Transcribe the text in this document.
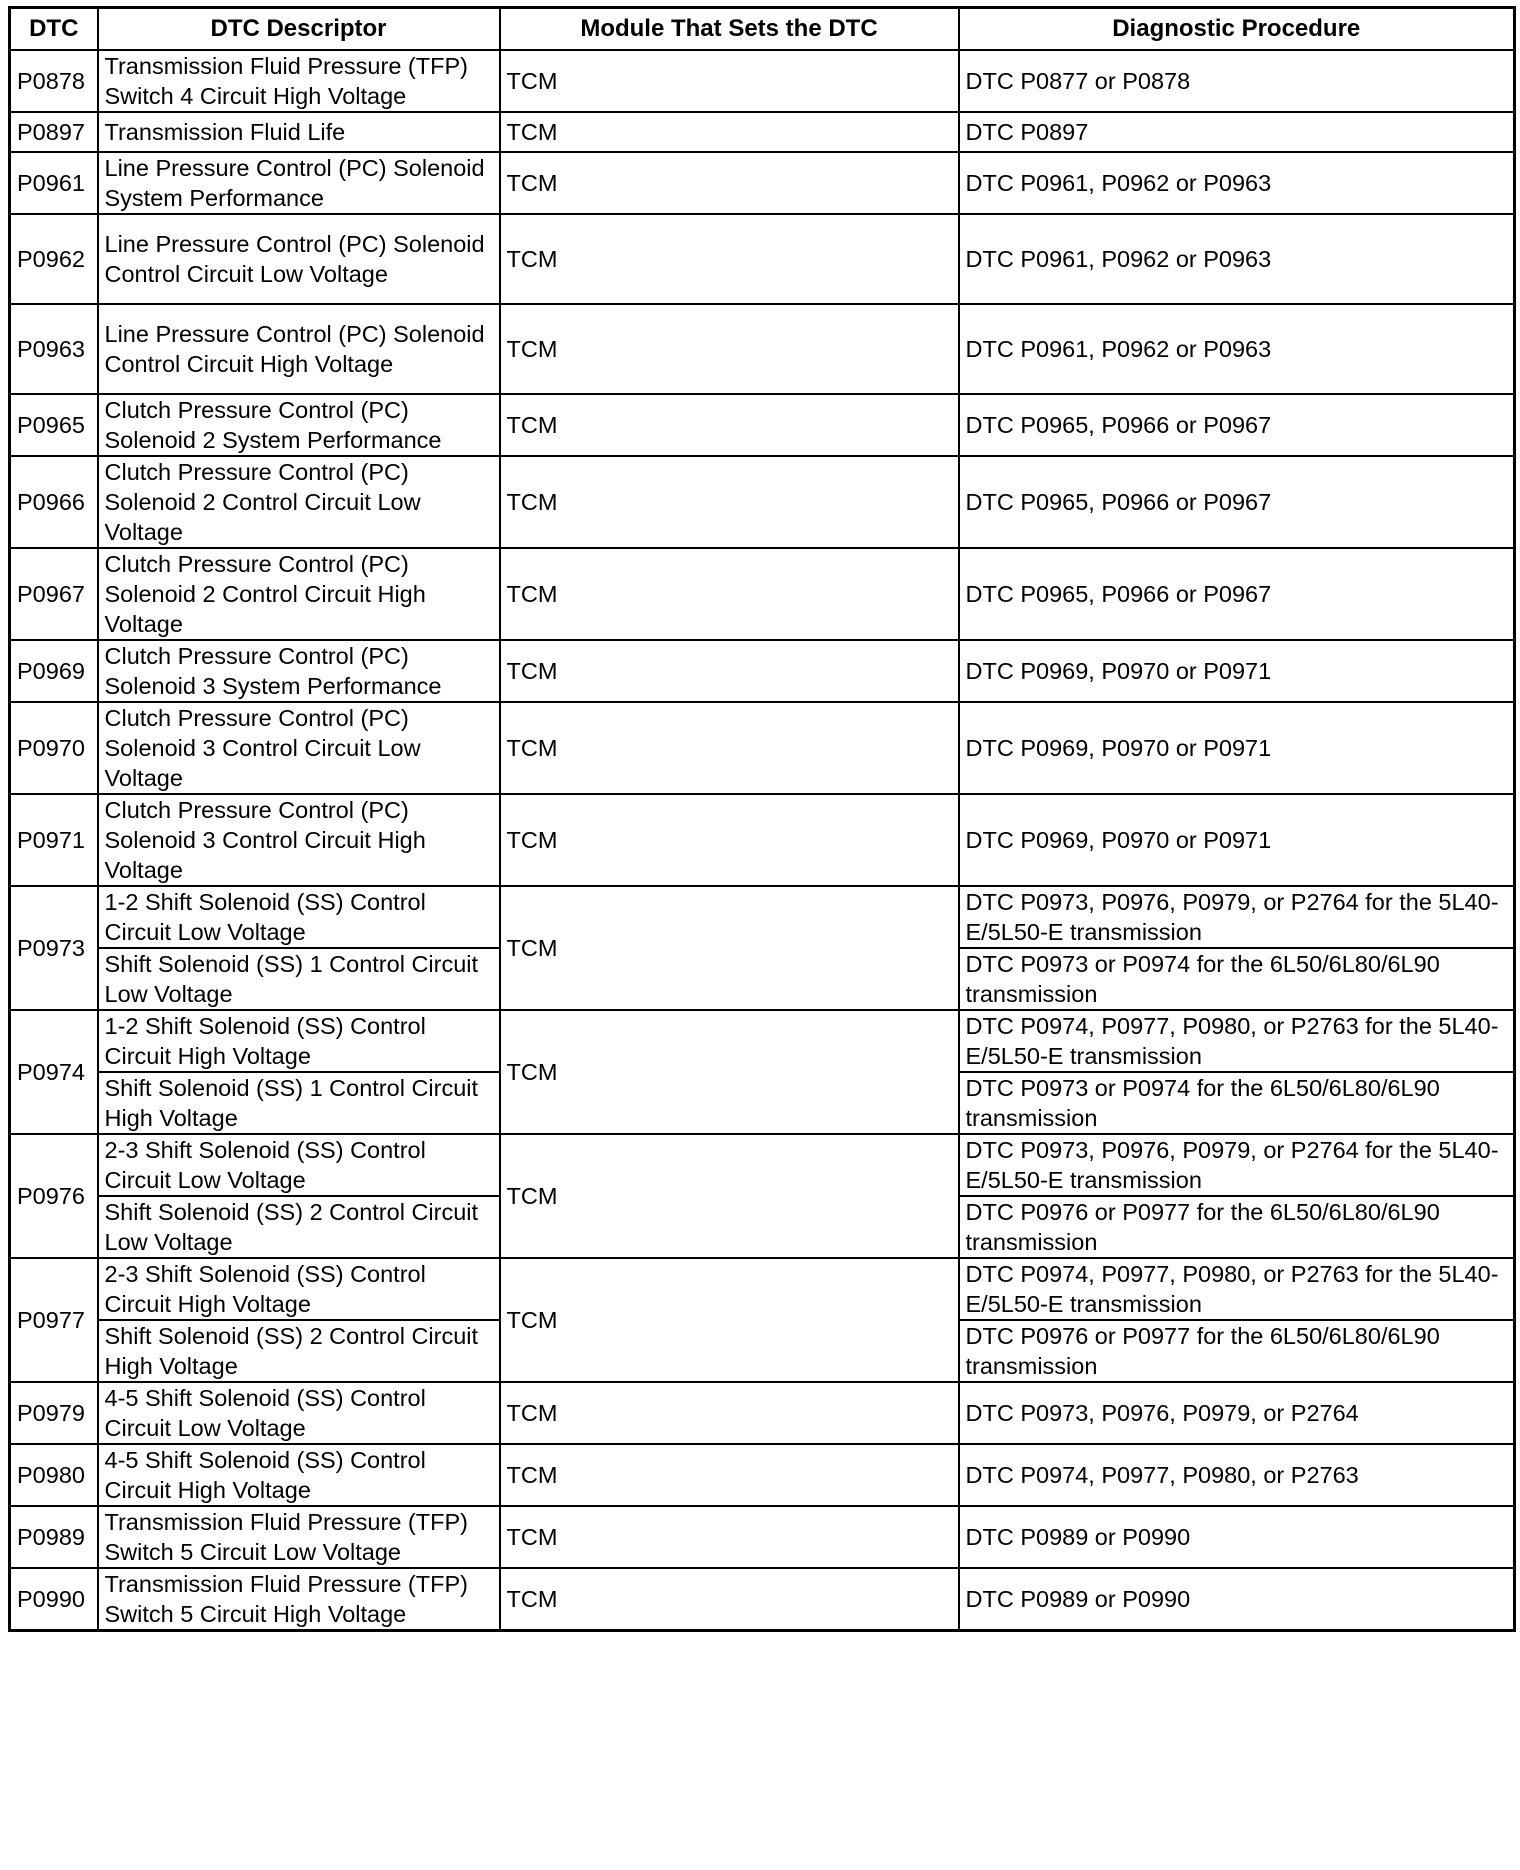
DTC	DTC Descriptor	Module That Sets the DTC	Diagnostic Procedure
P0878	Transmission Fluid Pressure (TFP) Switch 4 Circuit High Voltage	TCM	DTC P0877 or P0878
P0897	Transmission Fluid Life	TCM	DTC P0897
P0961	Line Pressure Control (PC) Solenoid System Performance	TCM	DTC P0961, P0962 or P0963
P0962	Line Pressure Control (PC) Solenoid Control Circuit Low Voltage	TCM	DTC P0961, P0962 or P0963
P0963	Line Pressure Control (PC) Solenoid Control Circuit High Voltage	TCM	DTC P0961, P0962 or P0963
P0965	Clutch Pressure Control (PC) Solenoid 2 System Performance	TCM	DTC P0965, P0966 or P0967
P0966	Clutch Pressure Control (PC) Solenoid 2 Control Circuit Low Voltage	TCM	DTC P0965, P0966 or P0967
P0967	Clutch Pressure Control (PC) Solenoid 2 Control Circuit High Voltage	TCM	DTC P0965, P0966 or P0967
P0969	Clutch Pressure Control (PC) Solenoid 3 System Performance	TCM	DTC P0969, P0970 or P0971
P0970	Clutch Pressure Control (PC) Solenoid 3 Control Circuit Low Voltage	TCM	DTC P0969, P0970 or P0971
P0971	Clutch Pressure Control (PC) Solenoid 3 Control Circuit High Voltage	TCM	DTC P0969, P0970 or P0971
P0973	1-2 Shift Solenoid (SS) Control Circuit Low Voltage	TCM	DTC P0973, P0976, P0979, or P2764 for the 5L40-E/5L50-E transmission
	Shift Solenoid (SS) 1 Control Circuit Low Voltage		DTC P0973 or P0974 for the 6L50/6L80/6L90 transmission
P0974	1-2 Shift Solenoid (SS) Control Circuit High Voltage	TCM	DTC P0974, P0977, P0980, or P2763 for the 5L40-E/5L50-E transmission
	Shift Solenoid (SS) 1 Control Circuit High Voltage		DTC P0973 or P0974 for the 6L50/6L80/6L90 transmission
P0976	2-3 Shift Solenoid (SS) Control Circuit Low Voltage	TCM	DTC P0973, P0976, P0979, or P2764 for the 5L40-E/5L50-E transmission
	Shift Solenoid (SS) 2 Control Circuit Low Voltage		DTC P0976 or P0977 for the 6L50/6L80/6L90 transmission
P0977	2-3 Shift Solenoid (SS) Control Circuit High Voltage	TCM	DTC P0974, P0977, P0980, or P2763 for the 5L40-E/5L50-E transmission
	Shift Solenoid (SS) 2 Control Circuit High Voltage		DTC P0976 or P0977 for the 6L50/6L80/6L90 transmission
P0979	4-5 Shift Solenoid (SS) Control Circuit Low Voltage	TCM	DTC P0973, P0976, P0979, or P2764
P0980	4-5 Shift Solenoid (SS) Control Circuit High Voltage	TCM	DTC P0974, P0977, P0980, or P2763
P0989	Transmission Fluid Pressure (TFP) Switch 5 Circuit Low Voltage	TCM	DTC P0989 or P0990
P0990	Transmission Fluid Pressure (TFP) Switch 5 Circuit High Voltage	TCM	DTC P0989 or P0990
